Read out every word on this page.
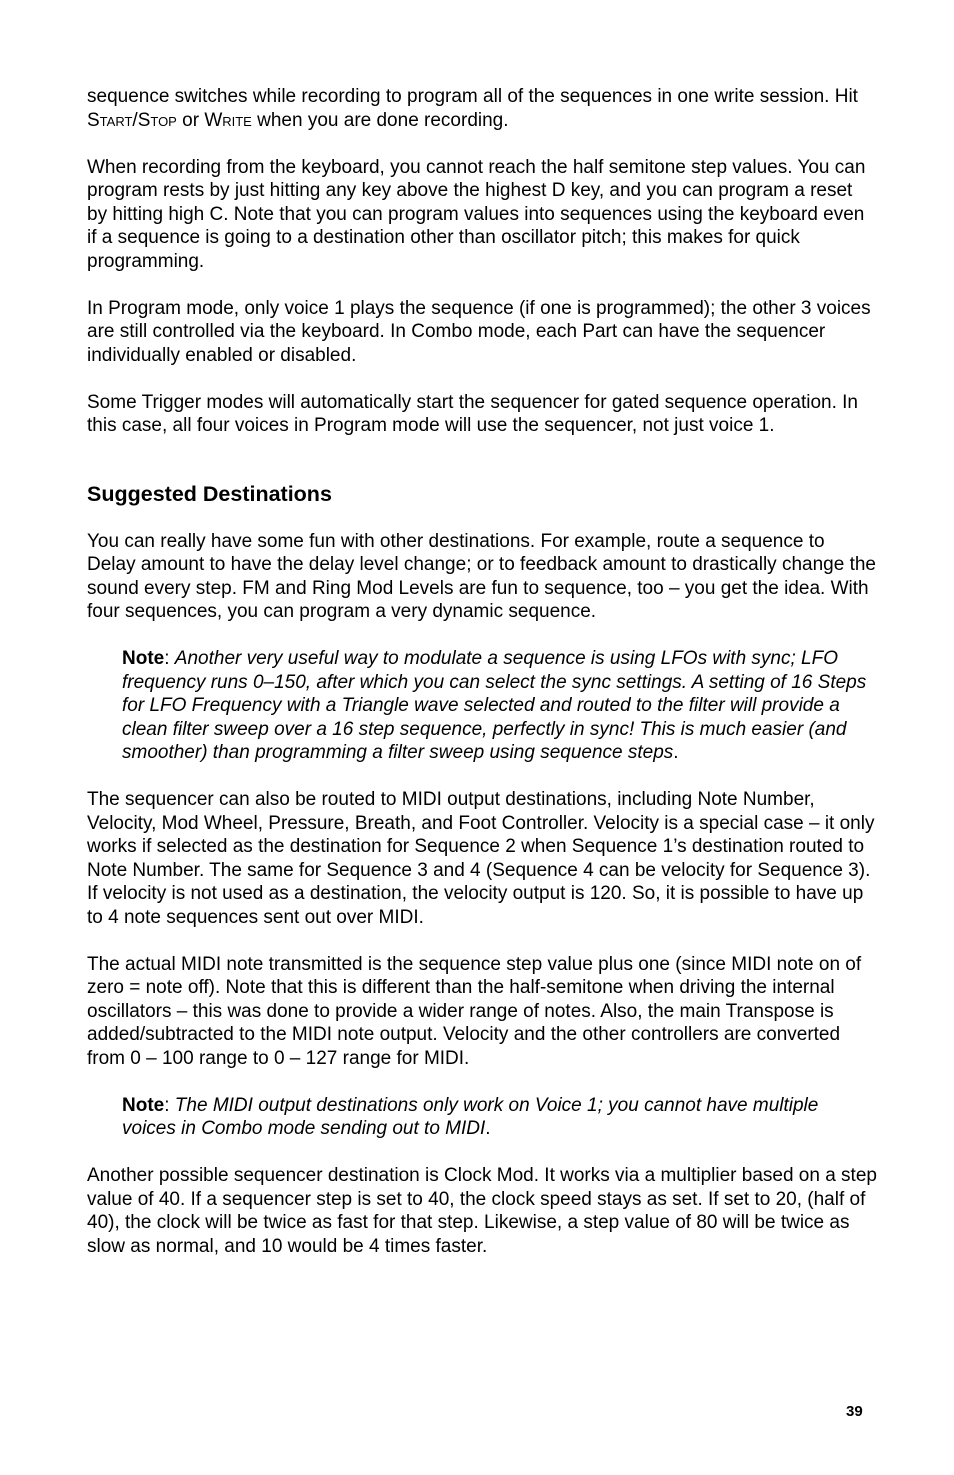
sequence switches while recording to program all of the sequences in one write session. Hit Start/Stop or Write when you are done recording.

When recording from the keyboard, you cannot reach the half semitone step values. You can program rests by just hitting any key above the highest D key, and you can program a reset by hitting high C. Note that you can program values into sequences using the keyboard even if a sequence is going to a destination other than oscillator pitch; this makes for quick programming.

In Program mode, only voice 1 plays the sequence (if one is programmed); the other 3 voices are still controlled via the keyboard. In Combo mode, each Part can have the sequencer individually enabled or disabled.

Some Trigger modes will automatically start the sequencer for gated sequence operation. In this case, all four voices in Program mode will use the sequencer, not just voice 1.

Suggested Destinations

You can really have some fun with other destinations. For example, route a sequence to Delay amount to have the delay level change; or to feedback amount to drastically change the sound every step. FM and Ring Mod Levels are fun to sequence, too – you get the idea. With four sequences, you can program a very dynamic sequence.

Note: Another very useful way to modulate a sequence is using LFOs with sync; LFO frequency runs 0–150, after which you can select the sync settings. A setting of 16 Steps for LFO Frequency with a Triangle wave selected and routed to the filter will provide a clean filter sweep over a 16 step sequence, perfectly in sync! This is much easier (and smoother) than programming a filter sweep using sequence steps.

The sequencer can also be routed to MIDI output destinations, including Note Number, Velocity, Mod Wheel, Pressure, Breath, and Foot Controller. Velocity is a special case – it only works if selected as the destination for Sequence 2 when Sequence 1’s destination routed to Note Number. The same for Sequence 3 and 4 (Sequence 4 can be velocity for Sequence 3). If velocity is not used as a destination, the velocity output is 120. So, it is possible to have up to 4 note sequences sent out over MIDI.

The actual MIDI note transmitted is the sequence step value plus one (since MIDI note on of zero = note off). Note that this is different than the half-semitone when driving the internal oscillators – this was done to provide a wider range of notes. Also, the main Transpose is added/subtracted to the MIDI note output. Velocity and the other controllers are converted from 0 – 100 range to 0 – 127 range for MIDI.

Note: The MIDI output destinations only work on Voice 1; you cannot have multiple voices in Combo mode sending out to MIDI.

Another possible sequencer destination is Clock Mod. It works via a multiplier based on a step value of 40. If a sequencer step is set to 40, the clock speed stays as set. If set to 20, (half of 40), the clock will be twice as fast for that step. Likewise, a step value of 80 will be twice as slow as normal, and 10 would be 4 times faster.

39
